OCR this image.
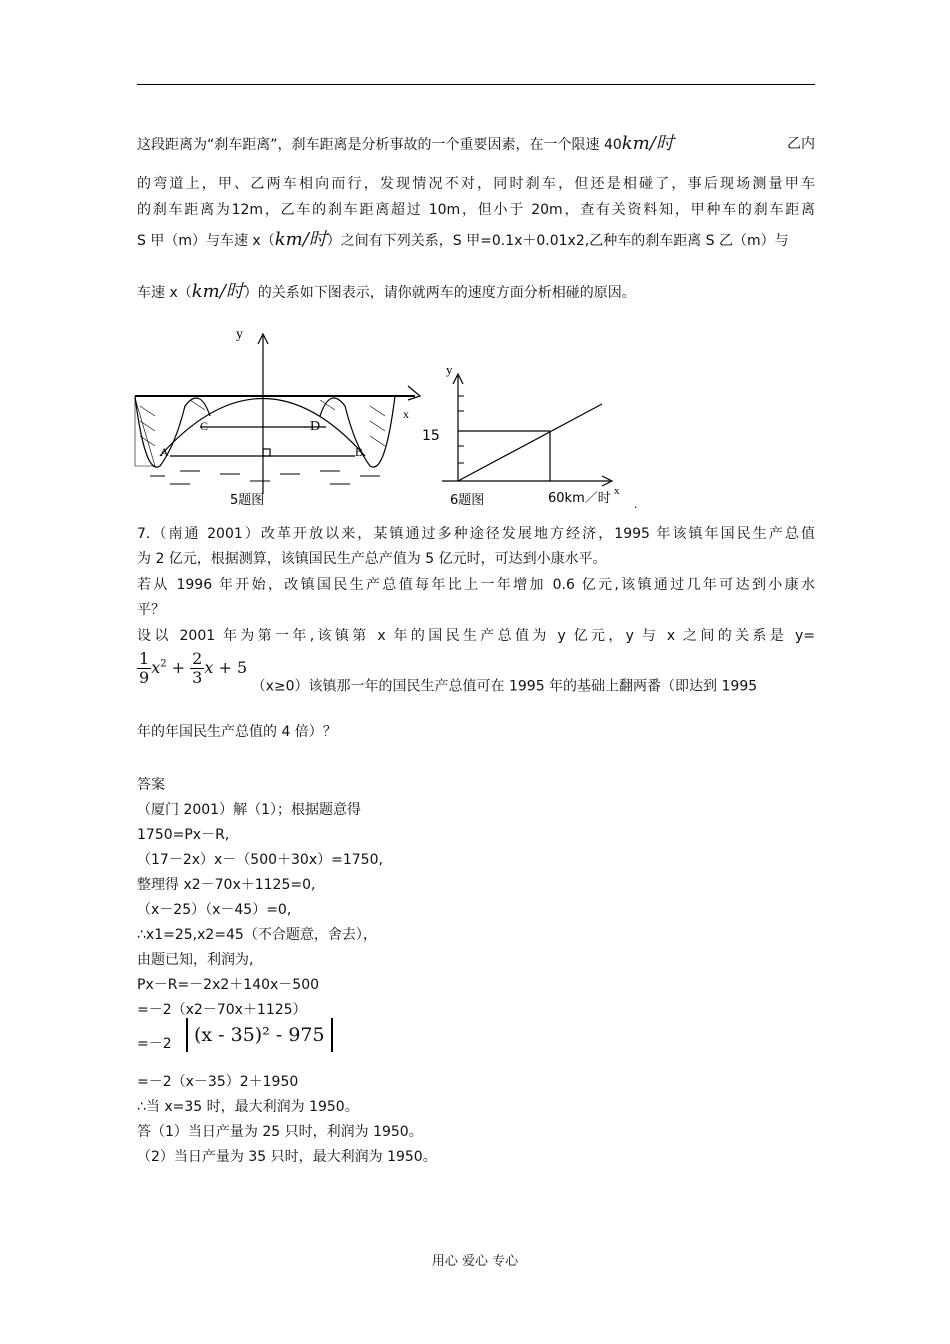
这段距离为“刹车距离”，刹车距离是分析事故的一个重要因素，在一个限速 40km/时	乙内
的弯道上，甲、乙两车相向而行，发现情况不对，同时刹车，但还是相碰了，事后现场测量甲车
的刹车距离为12m，乙车的刹车距离超过 10m，但小于 20m，查有关资料知，甲种车的刹车距离
S 甲（m）与车速 x（km/时）之间有下列关系，S 甲=0.1x＋0.01x2,乙种车的刹车距离 S 乙（m）与
车速 x（km/时）的关系如下图表示，请你就两车的速度方面分析相碰的原因。
y
x
A	B
C	D
5题图
y
15
x
60km／时
6题图	.
7.（南通 2001）改革开放以来，某镇通过多种途径发展地方经济，1995 年该镇年国民生产总值
为 2 亿元，根据测算，该镇国民生产总产值为 5 亿元时，可达到小康水平。
若从 1996 年开始，改镇国民生产总值每年比上一年增加 0.6 亿元,该镇通过几年可达到小康水
平？
设以 2001 年为第一年,该镇第 x 年的国民生产总值为 y 亿元，y 与 x 之间的关系是 y=
$\frac{1}{9} x^2 + \frac{2}{3}$ x + 5 （x≥0）该镇那一年的国民生产总值可在 1995 年的基础上翻两番（即达到 1995
年的年国民生产总值的 4 倍）？
答案
（厦门 2001）解（1）；根据题意得
1750=Px－R,
（17－2x）x－（500＋30x）=1750,
整理得 x2－70x＋1125=0,
（x－25）（x－45）=0,
∴x1=25,x2=45（不合题意，舍去），
由题已知，利润为,
Px－R=－2x2＋140x－500
=－2（x2－70x＋1125）
=－2	(x - 35)² - 975
=－2（x－35）2＋1950
∴当 x=35 时，最大利润为 1950。
答（1）当日产量为 25 只时，利润为 1950。
（2）当日产量为 35 只时，最大利润为 1950。
用心 爱心 专心
